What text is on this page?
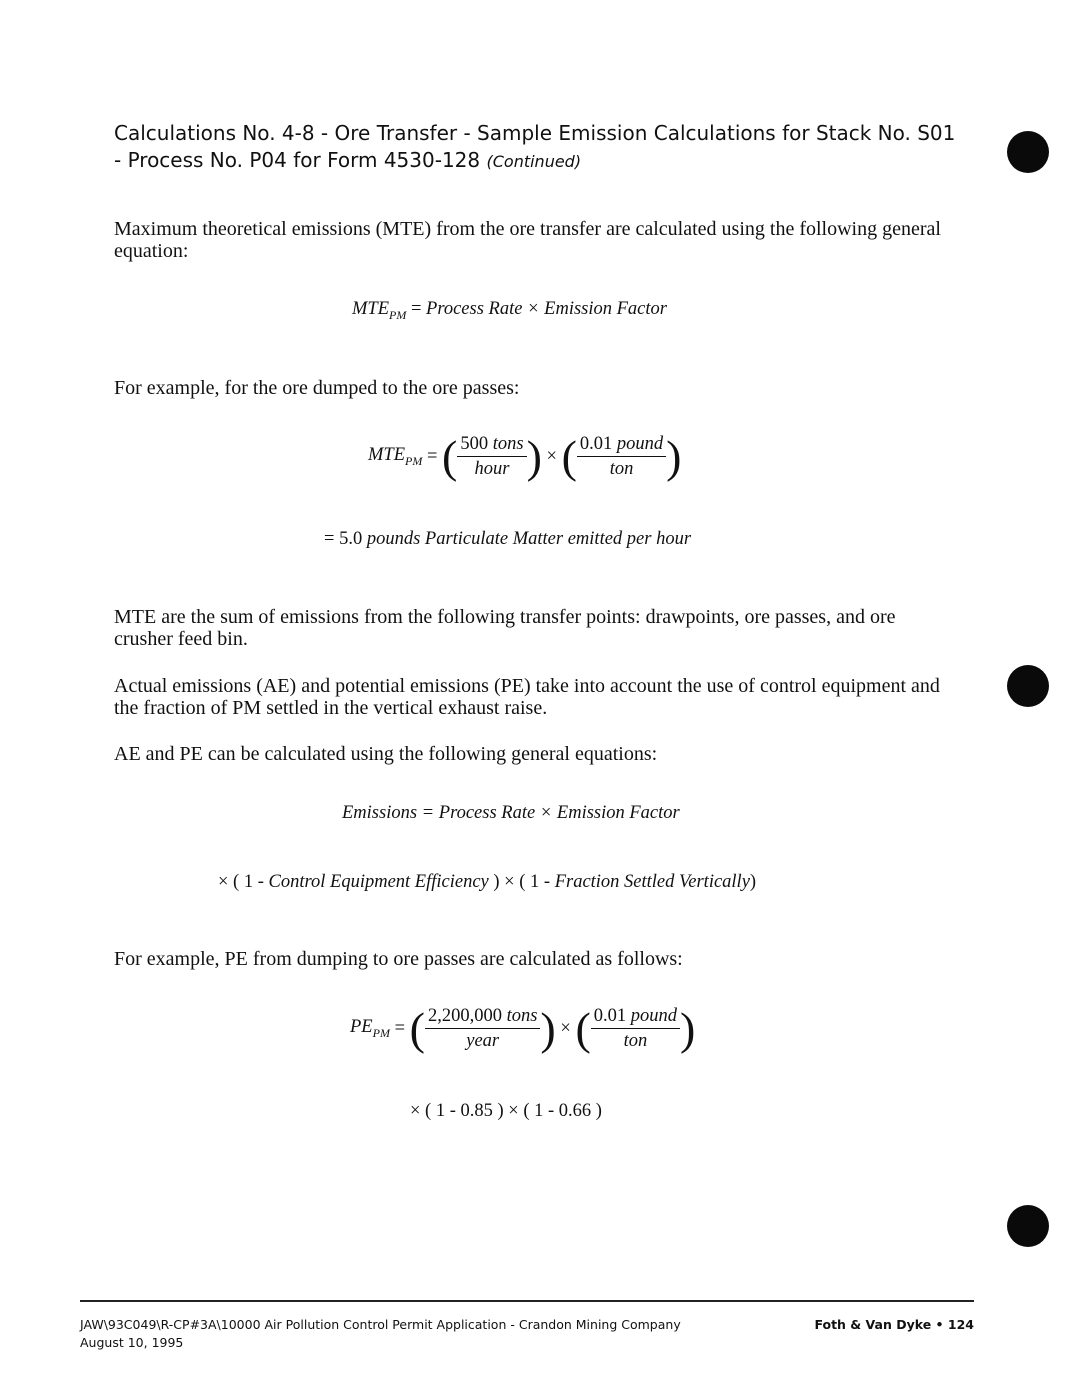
Calculations No. 4-8 - Ore Transfer - Sample Emission Calculations for Stack No. S01
- Process No. P04 for Form 4530-128 (Continued)
Maximum theoretical emissions (MTE) from the ore transfer are calculated using the following general equation:
$MTE_{PM}$ = Process Rate × Emission Factor
For example, for the ore dumped to the ore passes:
$MTE_{PM}$ = ( $\frac{\text{500 tons}}{\text{hour}}$ ) × ( $\frac{\text{0.01 pound}}{\text{ton}}$ )
= 5.0 pounds Particulate Matter emitted per hour
MTE are the sum of emissions from the following transfer points: drawpoints, ore passes, and ore crusher feed bin.
Actual emissions (AE) and potential emissions (PE) take into account the use of control equipment and the fraction of PM settled in the vertical exhaust raise.
AE and PE can be calculated using the following general equations:
Emissions = Process Rate × Emission Factor
× ( 1 - Control Equipment Efficiency ) × ( 1 - Fraction Settled Vertically)
For example, PE from dumping to ore passes are calculated as follows:
$PE_{PM}$ = ( $\frac{\text{2,200,000 tons}}{\text{year}}$ ) × ( $\frac{\text{0.01 pound}}{\text{ton}}$ )
× ( 1 - 0.85 ) × ( 1 - 0.66 )
JAW\93C049\R-CP#3A\10000 Air Pollution Control Permit Application - Crandon Mining Company
August 10, 1995
Foth & Van Dyke • 124
